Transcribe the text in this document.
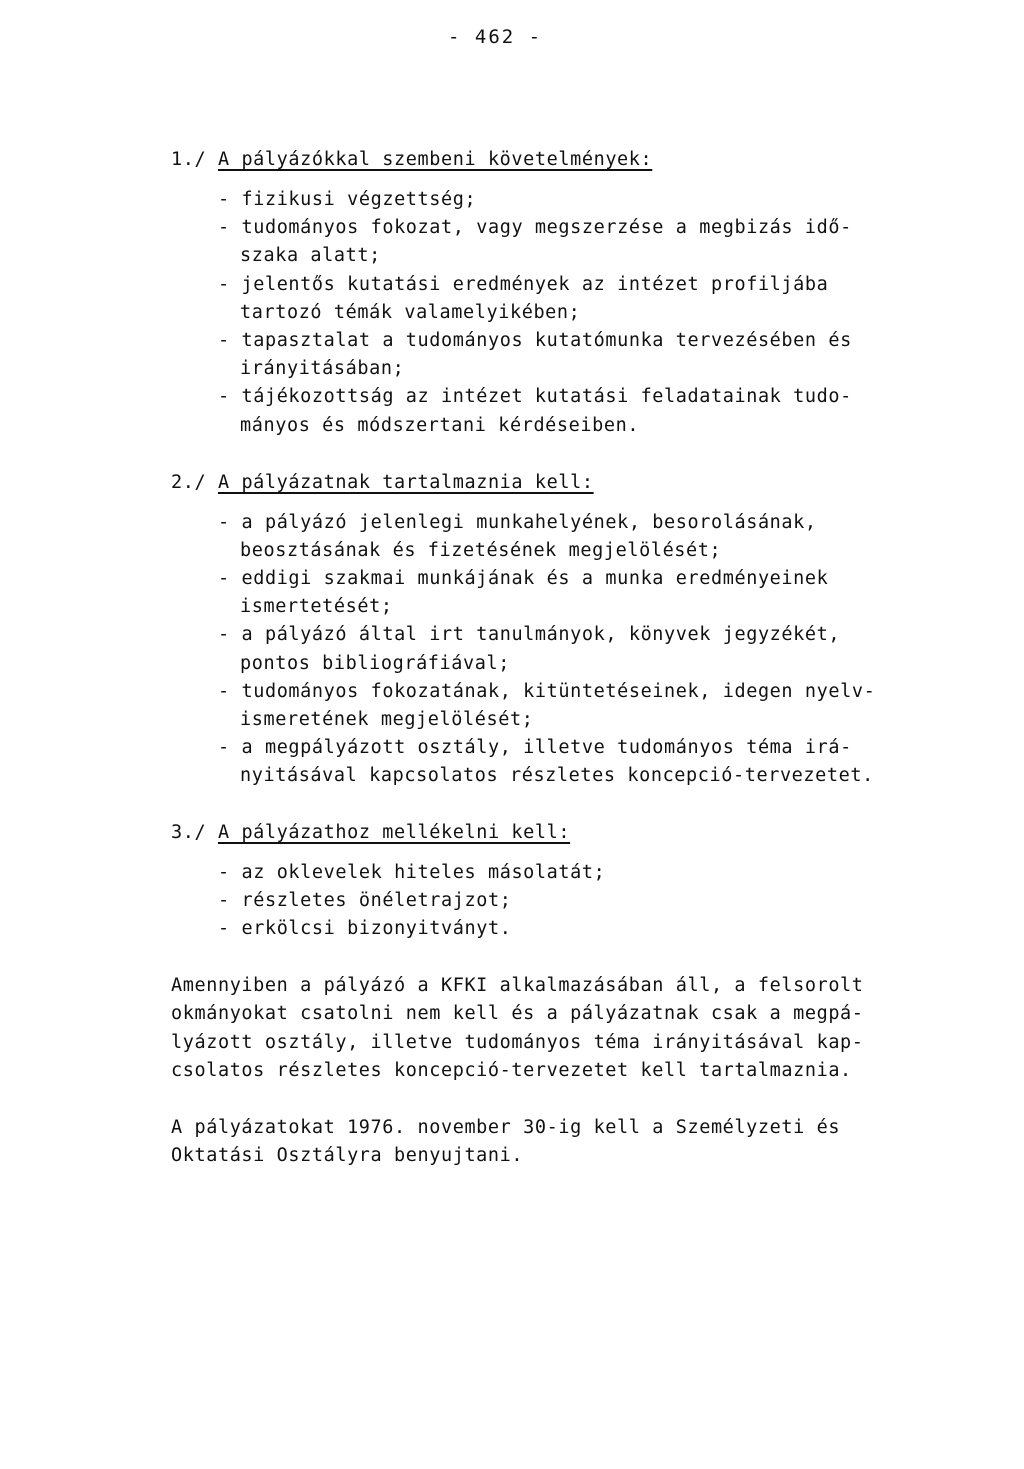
- 462 -
1./ A pályázókkal szembeni követelmények:
- fizikusi végzettség;
- tudományos fokozat, vagy megszerzése a megbizás idő-
szaka alatt;
- jelentős kutatási eredmények az intézet profiljába
tartozó témák valamelyikében;
- tapasztalat a tudományos kutatómunka tervezésében és
irányitásában;
- tájékozottság az intézet kutatási feladatainak tudo-
mányos és módszertani kérdéseiben.
2./ A pályázatnak tartalmaznia kell:
- a pályázó jelenlegi munkahelyének, besorolásának,
beosztásának és fizetésének megjelölését;
- eddigi szakmai munkájának és a munka eredményeinek
ismertetését;
- a pályázó által irt tanulmányok, könyvek jegyzékét,
pontos bibliográfiával;
- tudományos fokozatának, kitüntetéseinek, idegen nyelv-
ismeretének megjelölését;
- a megpályázott osztály, illetve tudományos téma irá-
nyitásával kapcsolatos részletes koncepció-tervezetet.
3./ A pályázathoz mellékelni kell:
- az oklevelek hiteles másolatát;
- részletes önéletrajzot;
- erkölcsi bizonyitványt.
Amennyiben a pályázó a KFKI alkalmazásában áll, a felsorolt
okmányokat csatolni nem kell és a pályázatnak csak a megpá-
lyázott osztály, illetve tudományos téma irányitásával kap-
csolatos részletes koncepció-tervezetet kell tartalmaznia.
A pályázatokat 1976. november 30-ig kell a Személyzeti és
Oktatási Osztályra benyujtani.
